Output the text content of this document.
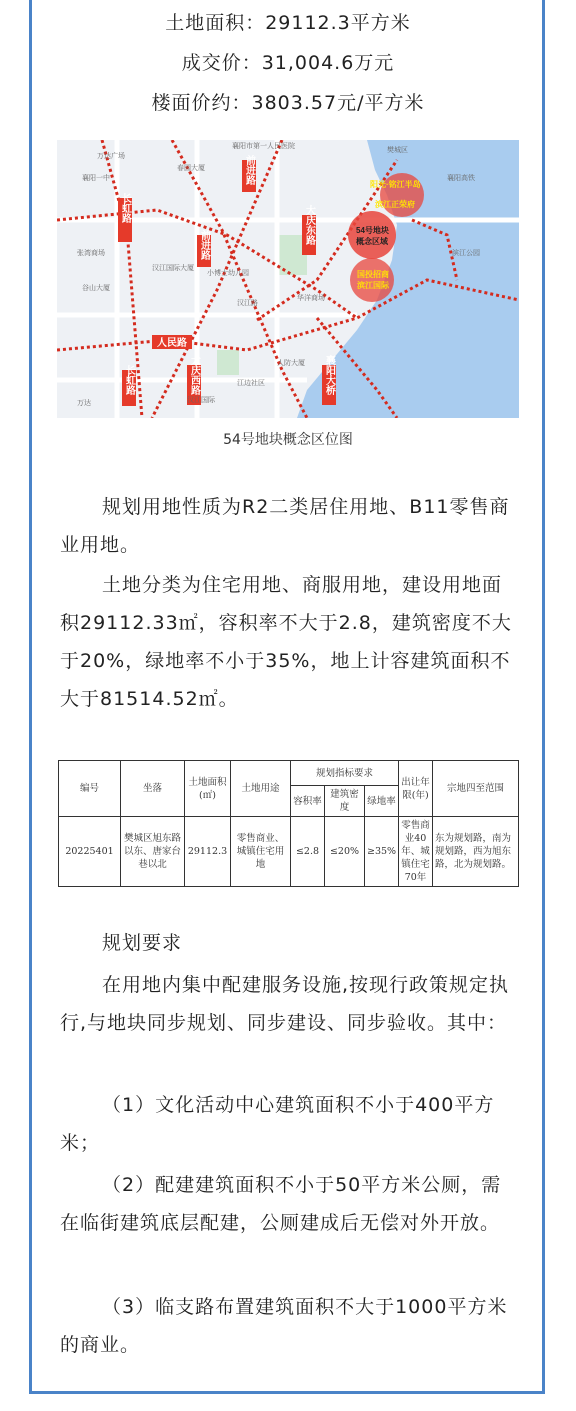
土地面积：29112.3平方米
成交价：31,004.6万元
楼面价约：3803.57元/平方米
长虹路
人民路
长虹路
前进路
前进路
大庆西路
大庆东路
襄阳大桥
万达广场
襄阳一中
春园大厦
襄阳市第一人民医院
张湾商场
谷山大厦
汉江国际大厦
小博士幼儿园
华洋商场
汉江路
人防大厦
江边社区
汉江国际
万达
樊城区
襄阳高铁
滨江公园
阳光·铭江半岛
滨江正荣府
54号地块
概念区域
国投招商
滨江国际
54号地块概念区位图
规划用地性质为R2二类居住用地、B11零售商业用地。
土地分类为住宅用地、商服用地，建设用地面积29112.33㎡，容积率不大于2.8，建筑密度不大于20%，绿地率不小于35%，地上计容建筑面积不大于81514.52㎡。
编号	坐落	土地面积(㎡)	土地用途	规划指标要求			出让年限(年)	宗地四至范围
				容积率	建筑密度	绿地率		
20225401	樊城区旭东路以东、唐家台巷以北	29112.3	零售商业、城镇住宅用地	≤2.8	≤20%	≥35%	零售商业40年、城镇住宅70年	东为规划路，南为规划路，西为旭东路，北为规划路。
规划要求
在用地内集中配建服务设施,按现行政策规定执行,与地块同步规划、同步建设、同步验收。其中：
（1）文化活动中心建筑面积不小于400平方米；
（2）配建建筑面积不小于50平方米公厕，需在临街建筑底层配建，公厕建成后无偿对外开放。
（3）临支路布置建筑面积不大于1000平方米的商业。
